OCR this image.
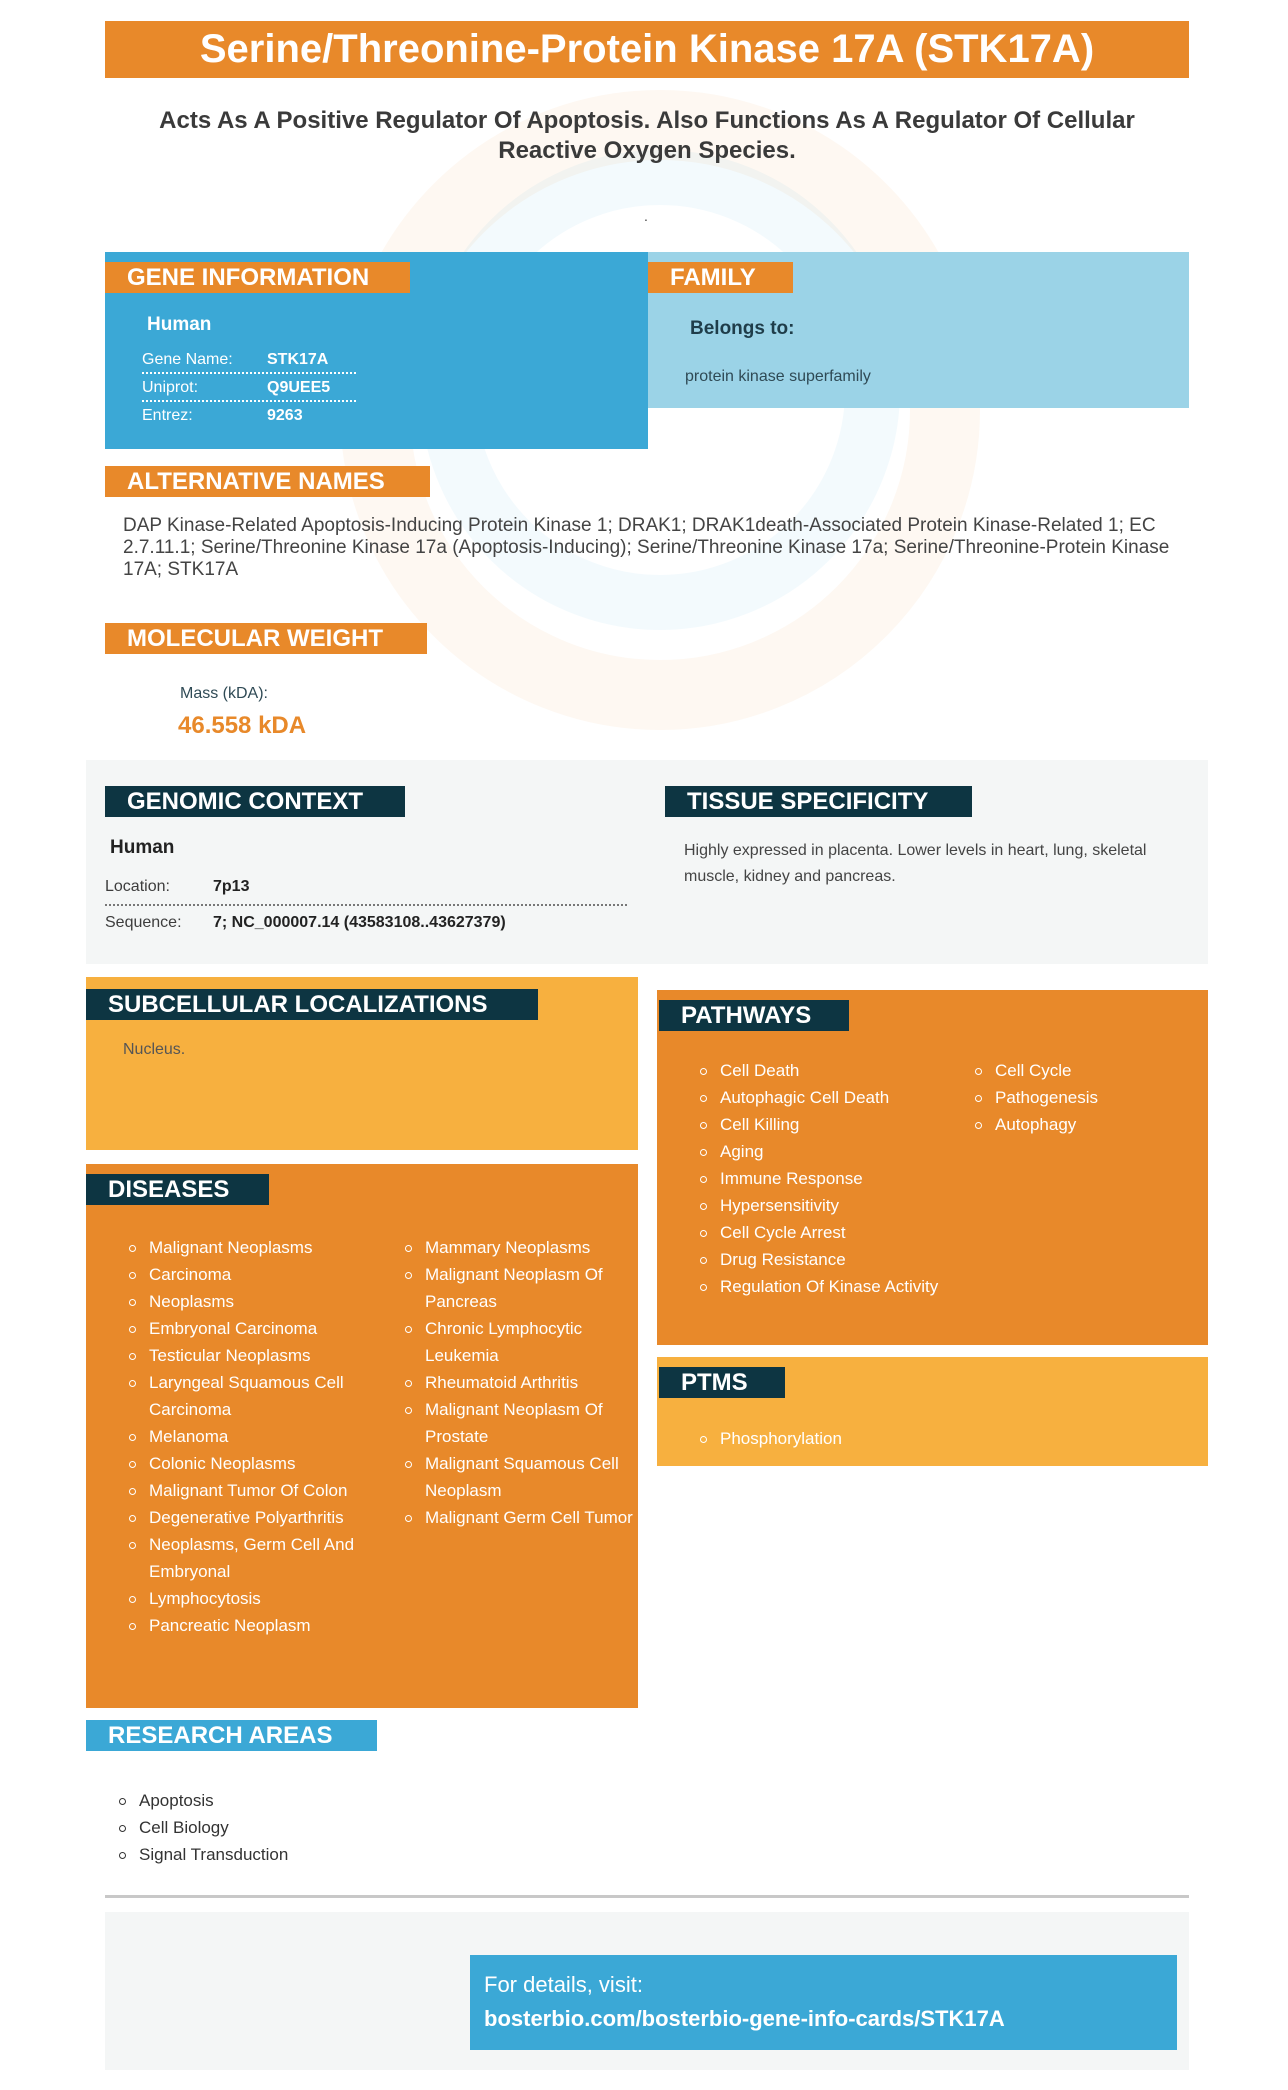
Serine/Threonine-Protein Kinase 17A (STK17A)
Acts As A Positive Regulator Of Apoptosis. Also Functions As A Regulator Of Cellular Reactive Oxygen Species.
.
GENE INFORMATION
Human
Gene Name: STK17A
Uniprot:	Q9UEE5
Entrez:	9263
FAMILY
Belongs to:
protein kinase superfamily
ALTERNATIVE NAMES
DAP Kinase-Related Apoptosis-Inducing Protein Kinase 1; DRAK1; DRAK1death-Associated Protein Kinase-Related 1; EC 2.7.11.1; Serine/Threonine Kinase 17a (Apoptosis-Inducing); Serine/Threonine Kinase 17a; Serine/Threonine-Protein Kinase 17A; STK17A
MOLECULAR WEIGHT
Mass (kDA):
46.558 kDA
GENOMIC CONTEXT
Human
Location:	7p13
Sequence: 7; NC_000007.14 (43583108..43627379)
TISSUE SPECIFICITY
Highly expressed in placenta. Lower levels in heart, lung, skeletal muscle, kidney and pancreas.
SUBCELLULAR LOCALIZATIONS
Nucleus.
DISEASES
Malignant Neoplasms
Carcinoma
Neoplasms
Embryonal Carcinoma
Testicular Neoplasms
Laryngeal Squamous Cell Carcinoma
Melanoma
Colonic Neoplasms
Malignant Tumor Of Colon
Degenerative Polyarthritis
Neoplasms, Germ Cell And Embryonal
Lymphocytosis
Pancreatic Neoplasm
Mammary Neoplasms
Malignant Neoplasm Of Pancreas
Chronic Lymphocytic Leukemia
Rheumatoid Arthritis
Malignant Neoplasm Of Prostate
Malignant Squamous Cell Neoplasm
Malignant Germ Cell Tumor
PATHWAYS
Cell Death
Autophagic Cell Death
Cell Killing
Aging
Immune Response
Hypersensitivity
Cell Cycle Arrest
Drug Resistance
Regulation Of Kinase Activity
Cell Cycle
Pathogenesis
Autophagy
PTMS
Phosphorylation
RESEARCH AREAS
Apoptosis
Cell Biology
Signal Transduction
For details, visit:
bosterbio.com/bosterbio-gene-info-cards/STK17A
